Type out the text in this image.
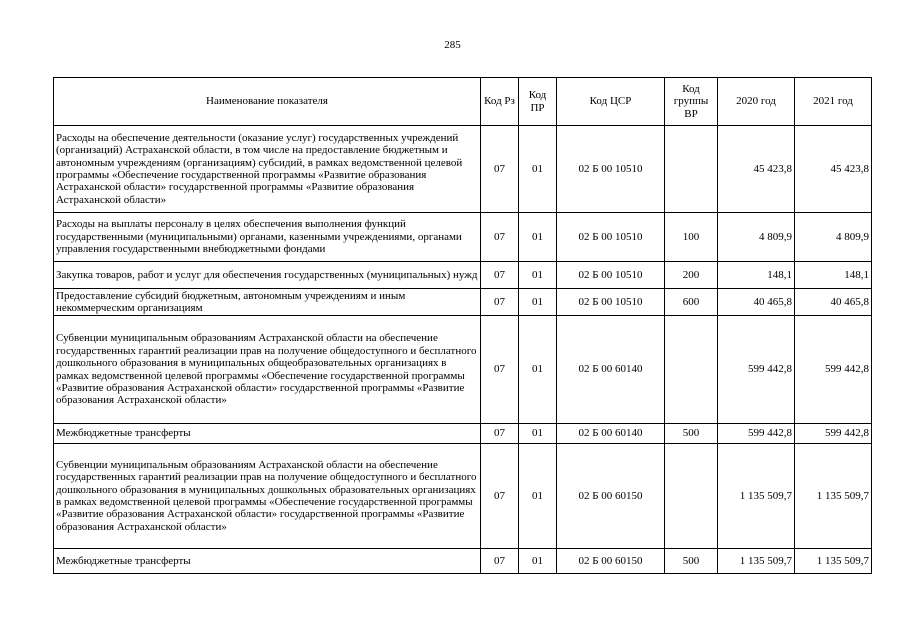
285
Наименование показателя	Код Рз	Код ПР	Код ЦСР	Код группы ВР	2020 год	2021 год
Расходы на обеспечение деятельности (оказание услуг) государственных учреждений (организаций) Астраханской области, в том числе на предоставление бюджетным и автономным учреждениям (организациям) субсидий, в рамках ведомственной целевой программы «Обеспечение государственной программы «Развитие образования Астраханской области» государственной программы «Развитие образования Астраханской области»	07	01	02 Б 00 10510		45 423,8	45 423,8
Расходы на выплаты персоналу в целях обеспечения выполнения функций государственными (муниципальными) органами, казенными учреждениями, органами управления государственными внебюджетными фондами	07	01	02 Б 00 10510	100	4 809,9	4 809,9
Закупка товаров, работ и услуг для обеспечения государственных (муниципальных) нужд	07	01	02 Б 00 10510	200	148,1	148,1
Предоставление субсидий бюджетным, автономным учреждениям и иным некоммерческим организациям	07	01	02 Б 00 10510	600	40 465,8	40 465,8
Субвенции муниципальным образованиям Астраханской области на обеспечение государственных гарантий реализации прав на получение общедоступного и бесплатного дошкольного образования в муниципальных общеобразовательных организациях в рамках ведомственной целевой программы «Обеспечение государственной программы «Развитие образования Астраханской области» государственной программы «Развитие образования Астраханской области»	07	01	02 Б 00 60140		599 442,8	599 442,8
Межбюджетные трансферты	07	01	02 Б 00 60140	500	599 442,8	599 442,8
Субвенции муниципальным образованиям Астраханской области на обеспечение государственных гарантий реализации прав на получение общедоступного и бесплатного дошкольного образования в муниципальных дошкольных образовательных организациях в рамках ведомственной целевой программы «Обеспечение государственной программы «Развитие образования Астраханской области» государственной программы «Развитие образования Астраханской области»	07	01	02 Б 00 60150		1 135 509,7	1 135 509,7
Межбюджетные трансферты	07	01	02 Б 00 60150	500	1 135 509,7	1 135 509,7
